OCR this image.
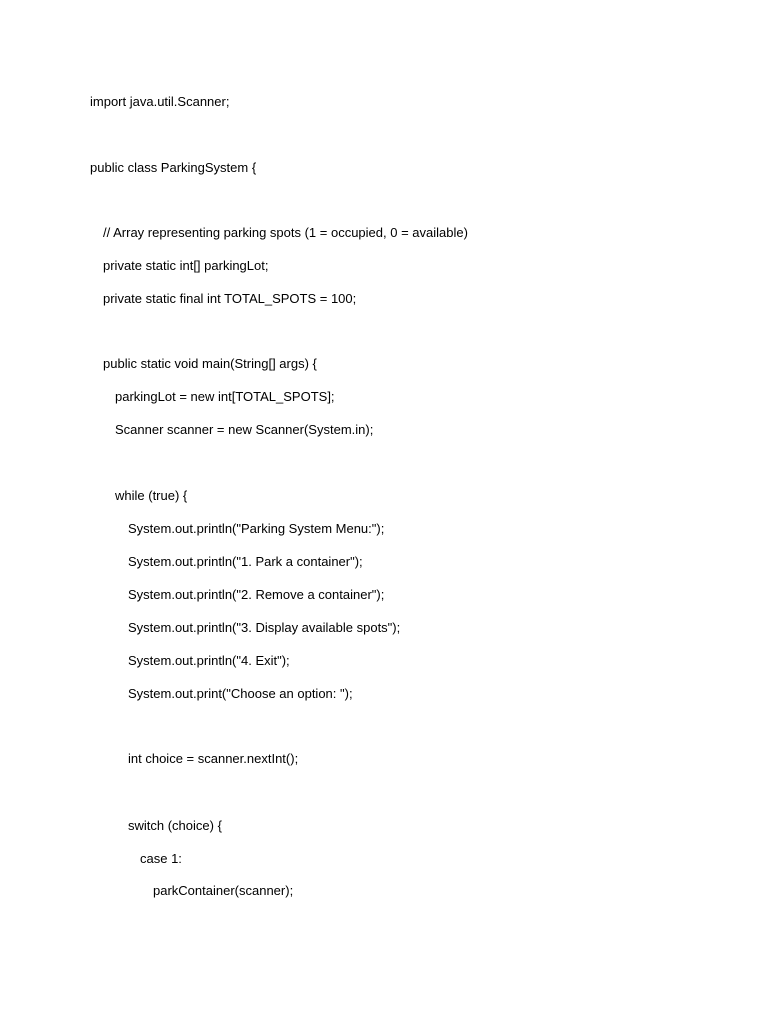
import java.util.Scanner;
public class ParkingSystem {
// Array representing parking spots (1 = occupied, 0 = available)
private static int[] parkingLot;
private static final int TOTAL_SPOTS = 100;
public static void main(String[] args) {
parkingLot = new int[TOTAL_SPOTS];
Scanner scanner = new Scanner(System.in);
while (true) {
System.out.println("Parking System Menu:");
System.out.println("1. Park a container");
System.out.println("2. Remove a container");
System.out.println("3. Display available spots");
System.out.println("4. Exit");
System.out.print("Choose an option: ");
int choice = scanner.nextInt();
switch (choice) {
case 1:
parkContainer(scanner);
